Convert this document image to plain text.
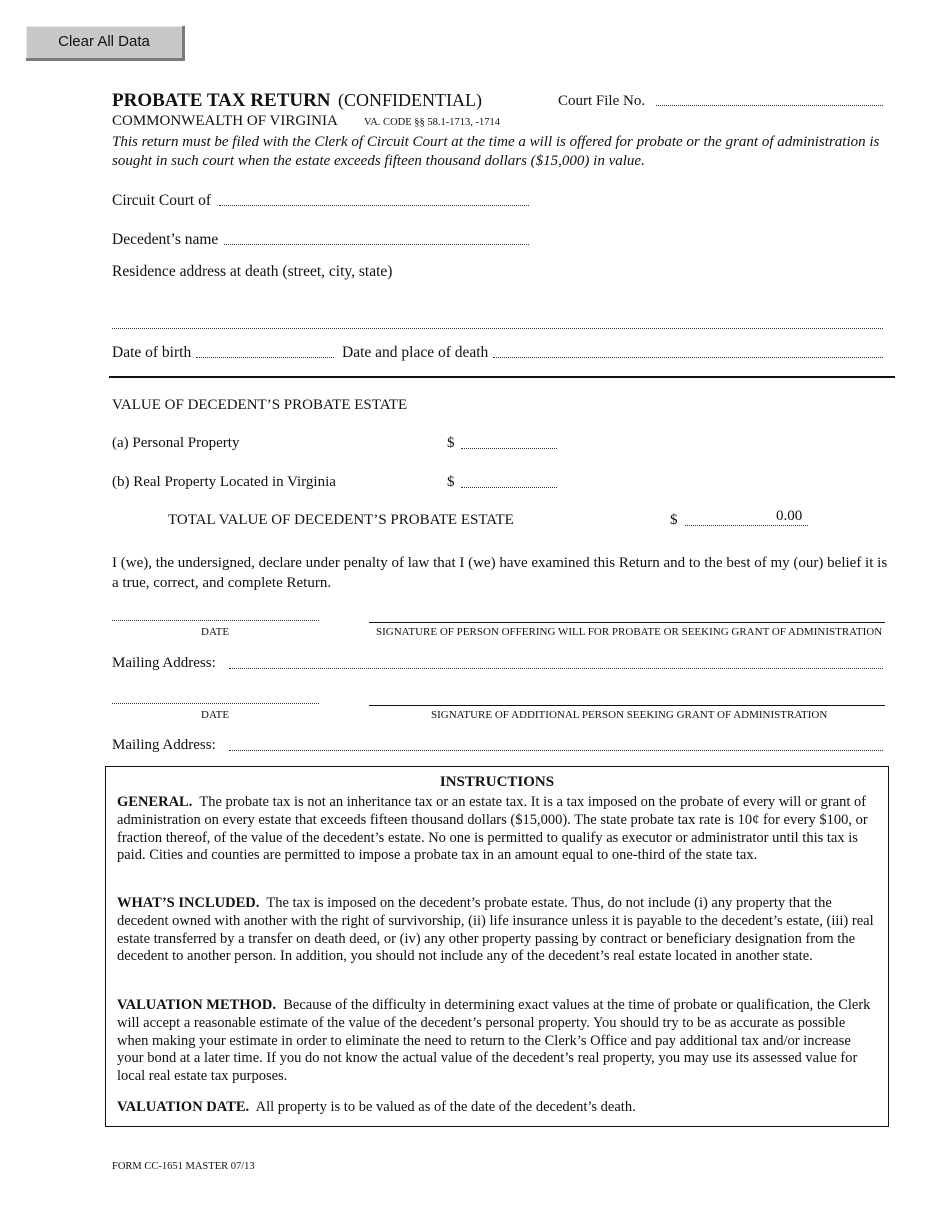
Clear All Data
PROBATE TAX RETURN (CONFIDENTIAL)	Court File No.
COMMONWEALTH OF VIRGINIA VA. CODE §§ 58.1-1713, -1714
This return must be filed with the Clerk of Circuit Court at the time a will is offered for probate or the grant of administration is sought in such court when the estate exceeds fifteen thousand dollars ($15,000) in value.
Circuit Court of
Decedent’s name
Residence address at death (street, city, state)
Date of birth	Date and place of death
VALUE OF DECEDENT’S PROBATE ESTATE
(a) Personal Property	$
(b) Real Property Located in Virginia	$
TOTAL VALUE OF DECEDENT’S PROBATE ESTATE	$	0.00
I (we), the undersigned, declare under penalty of law that I (we) have examined this Return and to the best of my (our) belief it is a true, correct, and complete Return.
DATE	SIGNATURE OF PERSON OFFERING WILL FOR PROBATE OR SEEKING GRANT OF ADMINISTRATION
Mailing Address:
DATE	SIGNATURE OF ADDITIONAL PERSON SEEKING GRANT OF ADMINISTRATION
Mailing Address:
INSTRUCTIONS
GENERAL. The probate tax is not an inheritance tax or an estate tax. It is a tax imposed on the probate of every will or grant of administration on every estate that exceeds fifteen thousand dollars ($15,000). The state probate tax rate is 10¢ for every $100, or fraction thereof, of the value of the decedent’s estate. No one is permitted to qualify as executor or administrator until this tax is paid. Cities and counties are permitted to impose a probate tax in an amount equal to one-third of the state tax.
WHAT’S INCLUDED. The tax is imposed on the decedent’s probate estate. Thus, do not include (i) any property that the decedent owned with another with the right of survivorship, (ii) life insurance unless it is payable to the decedent’s estate, (iii) real estate transferred by a transfer on death deed, or (iv) any other property passing by contract or beneficiary designation from the decedent to another person. In addition, you should not include any of the decedent’s real estate located in another state.
VALUATION METHOD. Because of the difficulty in determining exact values at the time of probate or qualification, the Clerk will accept a reasonable estimate of the value of the decedent’s personal property. You should try to be as accurate as possible when making your estimate in order to eliminate the need to return to the Clerk’s Office and pay additional tax and/or increase your bond at a later time. If you do not know the actual value of the decedent’s real property, you may use its assessed value for local real estate tax purposes.
VALUATION DATE. All property is to be valued as of the date of the decedent’s death.
FORM CC-1651 MASTER 07/13
